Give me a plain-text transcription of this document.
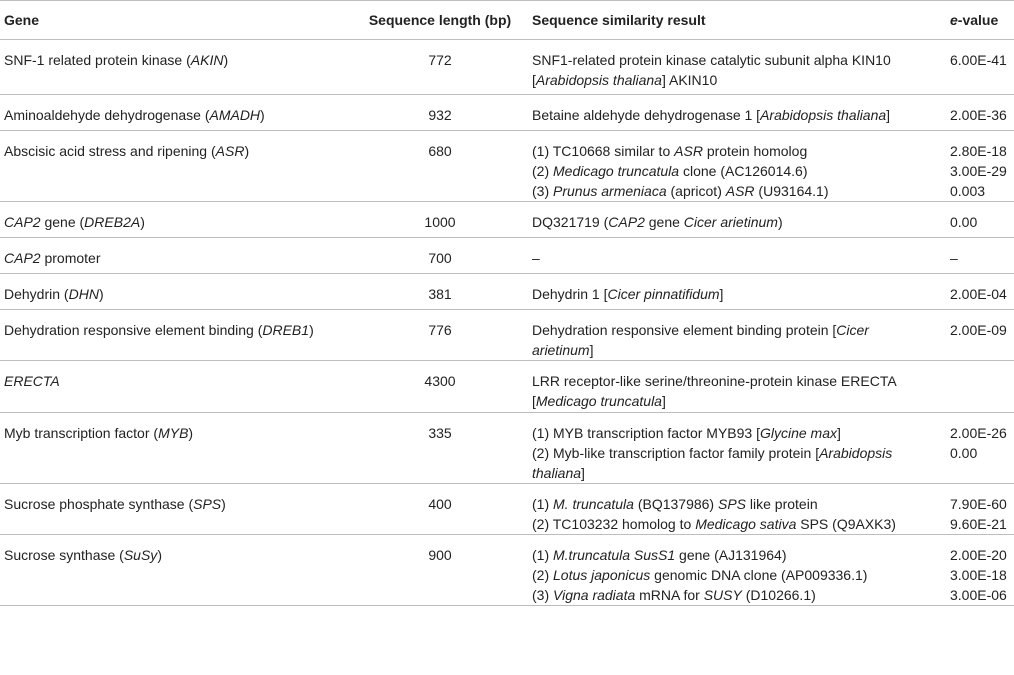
Gene	Sequence length (bp)	Sequence similarity result	e-value

SNF-1 related protein kinase (AKIN)	772	SNF1-related protein kinase catalytic subunit alpha KIN10
[Arabidopsis thaliana] AKIN10	6.00E-41

Aminoaldehyde dehydrogenase (AMADH)	932	Betaine aldehyde dehydrogenase 1 [Arabidopsis thaliana]	2.00E-36

Abscisic acid stress and ripening (ASR)	680	(1) TC10668 similar to ASR protein homolog
(2) Medicago truncatula clone (AC126014.6)
(3) Prunus armeniaca (apricot) ASR (U93164.1)	2.80E-18
3.00E-29
0.003

CAP2 gene (DREB2A)	1000	DQ321719 (CAP2 gene Cicer arietinum)	0.00

CAP2 promoter	700	–	–

Dehydrin (DHN)	381	Dehydrin 1 [Cicer pinnatifidum]	2.00E-04

Dehydration responsive element binding (DREB1)	776	Dehydration responsive element binding protein [Cicer
arietinum]	2.00E-09

ERECTA	4300	LRR receptor-like serine/threonine-protein kinase ERECTA
[Medicago truncatula]	

Myb transcription factor (MYB)	335	(1) MYB transcription factor MYB93 [Glycine max]
(2) Myb-like transcription factor family protein [Arabidopsis
thaliana]	2.00E-26
0.00

Sucrose phosphate synthase (SPS)	400	(1) M. truncatula (BQ137986) SPS like protein
(2) TC103232 homolog to Medicago sativa SPS (Q9AXK3)	7.90E-60
9.60E-21

Sucrose synthase (SuSy)	900	(1) M.truncatula SusS1 gene (AJ131964)
(2) Lotus japonicus genomic DNA clone (AP009336.1)
(3) Vigna radiata mRNA for SUSY (D10266.1)	2.00E-20
3.00E-18
3.00E-06
